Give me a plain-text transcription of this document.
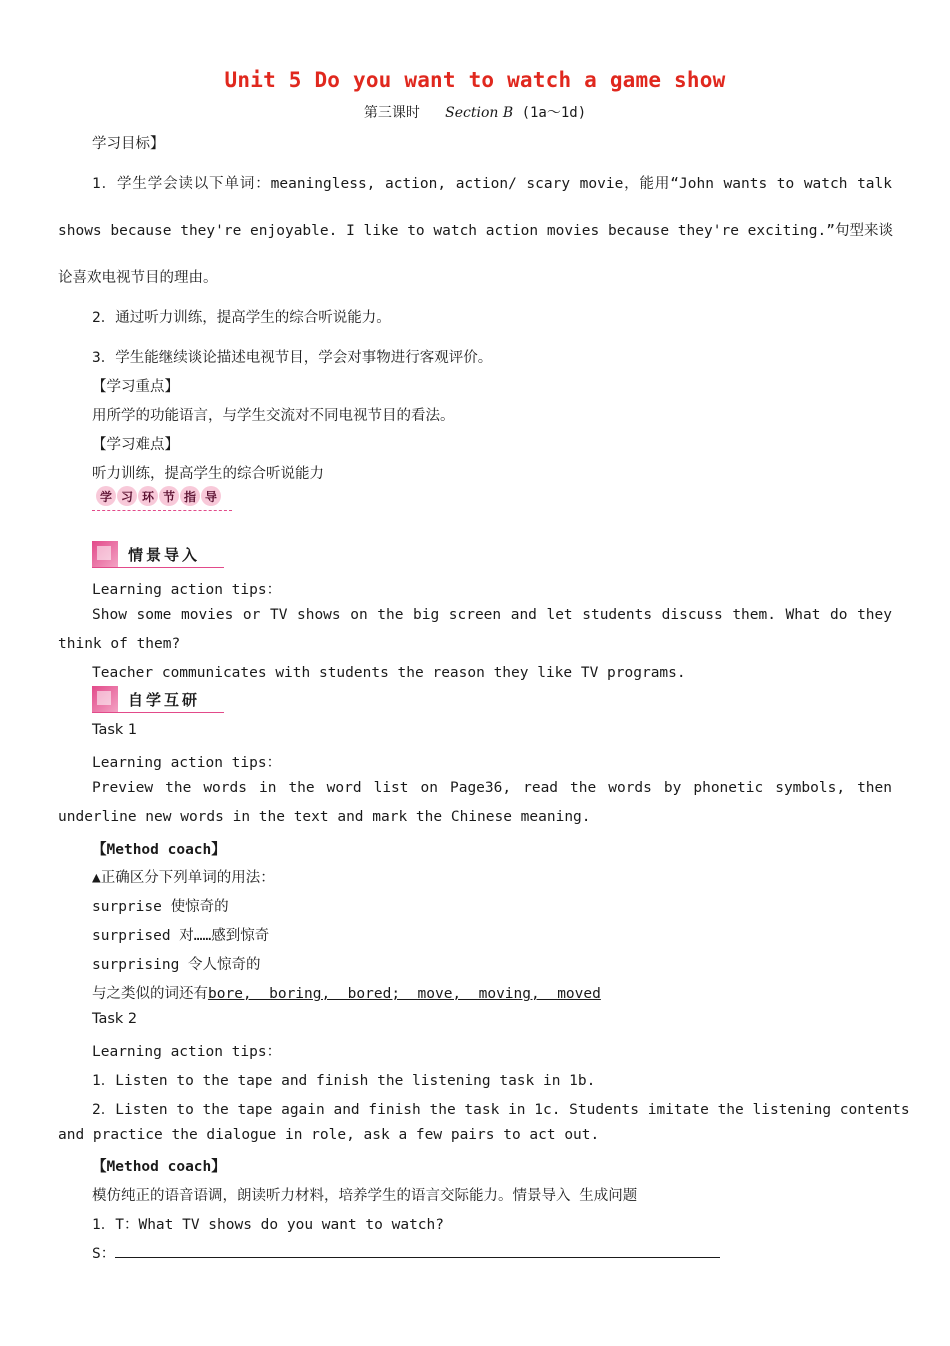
Unit 5 Do you want to watch a game show
第三课时 Section B (1a～1d)
学习目标】
1．学生学会读以下单词：meaningless, action, action/ scary movie，能用“John wants to watch talk
shows because they're enjoyable. I like to watch action movies because they're exciting.”句型来谈
论喜欢电视节目的理由。
2．通过听力训练，提高学生的综合听说能力。
3．学生能继续谈论描述电视节目，学会对事物进行客观评价。
【学习重点】
用所学的功能语言，与学生交流对不同电视节目的看法。
【学习难点】
听力训练，提高学生的综合听说能力
学 习 环 节 指 导
情景导入
Learning action tips：
Show some movies or TV shows on the big screen and let students discuss them. What do they
think of them?
Teacher communicates with students the reason they like TV programs.
自学互研
Task 1
Learning action tips：
Preview the words in the word list on Page36, read the words by phonetic symbols, then
underline new words in the text and mark the Chinese meaning.
【Method coach】
▲正确区分下列单词的用法：
surprise 使惊奇的
surprised 对……感到惊奇
surprising 令人惊奇的
与之类似的词还有bore,  boring,  bored;  move,  moving,  moved
Task 2
Learning action tips：
1．Listen to the tape and finish the listening task in 1b.
2．Listen to the tape again and finish the task in 1c. Students imitate the listening contents
and practice the dialogue in role, ask a few pairs to act out.
【Method coach】
模仿纯正的语音语调，朗读听力材料，培养学生的语言交际能力。情景导入 生成问题
1．T：What TV shows do you want to watch?
S：
